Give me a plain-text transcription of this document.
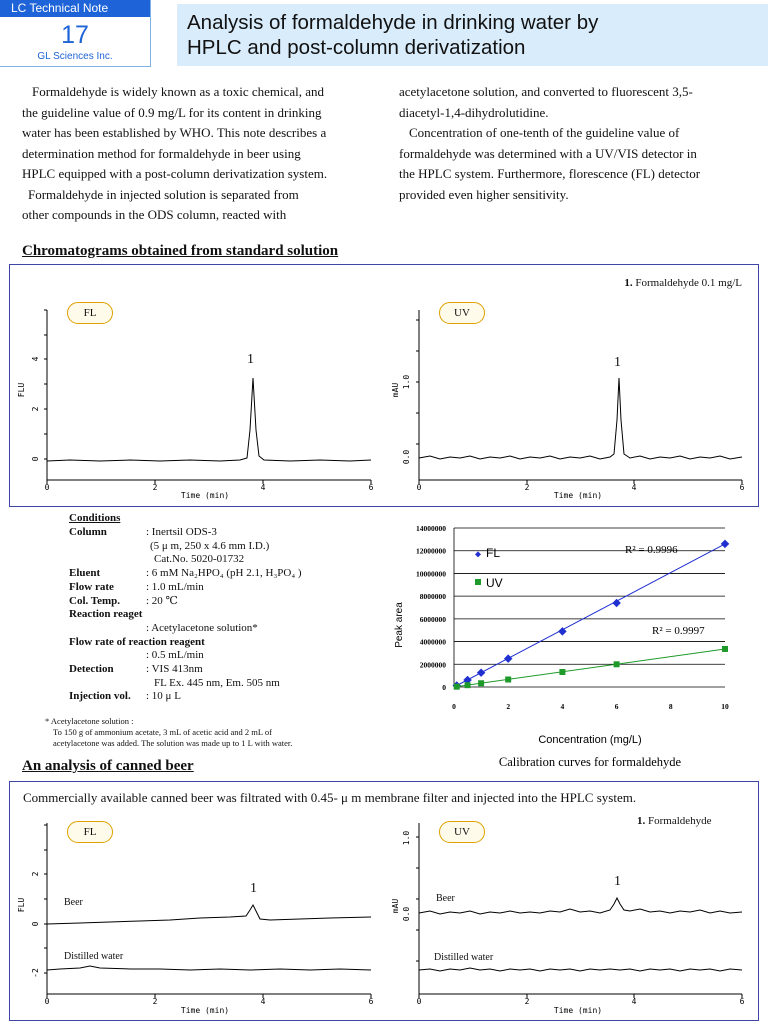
LC Technical Note
17
GL Sciences Inc.
Analysis of formaldehyde in drinking water by
HPLC and post-column derivatization
Formaldehyde is widely known as a toxic chemical, and
the guideline value of 0.9 mg/L for its content in drinking
water has been established by WHO. This note describes a
determination method for formaldehyde in beer using
HPLC equipped with a post-column derivatization system.
Formaldehyde in injected solution is separated from
other compounds in the ODS column, reacted with
acetylacetone solution, and converted to fluorescent 3,5-
diacetyl-1,4-dihydrolutidine.
Concentration of one-tenth of the guideline value of
formaldehyde was determined with a UV/VIS detector in
the HPLC system. Furthermore, florescence (FL) detector
provided even higher sensitivity.
Chromatograms obtained from standard solution
1. Formaldehyde 0.1 mg/L
4
2
0
FLU
0	2	4	6
Time (min)
1.0
0.0
mAU
0	2	4	6
Time (min)
2
0
-2
FLU
0	2	4	6
Time (min)
1.0
0.0
mAU
0	2	4	6
Time (min)
FL	UV
1	1
Conditions
Column	: Inertsil ODS-3
	(5 μ m, 250 x 4.6 mm I.D.)
	Cat.No. 5020-01732
Eluent	: 6 mM Na₂HPO₄ (pH 2.1, H₃PO₄ )
Flow rate	: 1.0 mL/min
Col. Temp.	: 20 ℃
Reaction reaget	
	: Acetylacetone solution*
Flow rate of reaction reagent	
	: 0.5 mL/min
Detection	: VIS 413nm
	FL Ex. 445 nm, Em. 505 nm
Injection vol.	: 10 μ L
* Acetylacetone solution :
To 150 g of ammonium acetate, 3 mL of acetic acid and 2 mL of
acetylacetone was added. The solution was made up to 1 L with water.
0
2000000
4000000
6000000
8000000
10000000
12000000
14000000
0	2	4	6	8	10
Peak area
Concentration (mg/L)
Calibration curves for formaldehyde
◆ FL
UV
R² = 0.9996
R² = 0.9997
An analysis of canned beer
Commercially available canned beer was filtrated with 0.45- μ m membrane filter and injected into the HPLC system.
1. Formaldehyde
FL	UV
1	1
Beer
Distilled water
Beer
Distilled water
